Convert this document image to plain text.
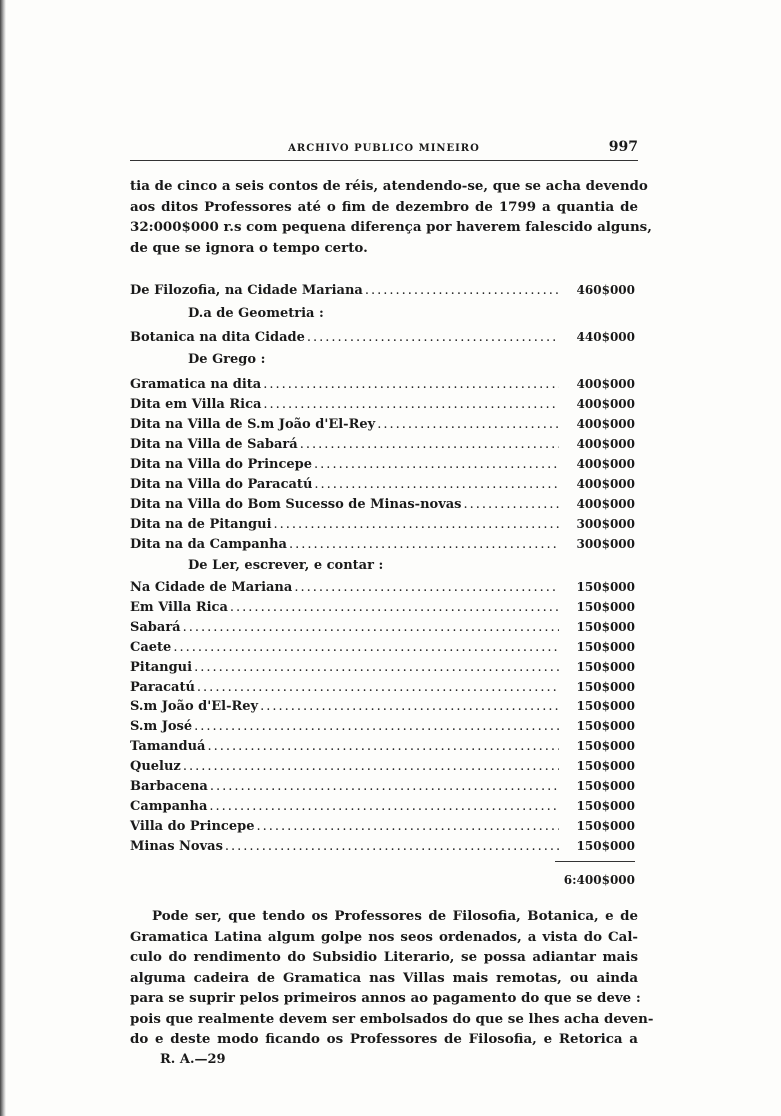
ARCHIVO PUBLICO MINEIRO	997
tia de cinco a seis contos de réis, atendendo-se, que se acha devendo
aos ditos Professores até o fim de dezembro de 1799 a quantia de
32:000$000 r.s com pequena diferença por haverem falescido alguns,
de que se ignora o tempo certo.
De Filozofia, na Cidade Mariana .....	460$000
D.a de Geometria :
Botanica na dita Cidade .....	440$000
De Grego :
Gramatica na dita .....	400$000
Dita em Villa Rica .....	400$000
Dita na Villa de S.m João d'El-Rey .....	400$000
Dita na Villa de Sabará .....	400$000
Dita na Villa do Princepe .....	400$000
Dita na Villa do Paracatú .....	400$000
Dita na Villa do Bom Sucesso de Minas-novas .....	400$000
Dita na de Pitangui .....	300$000
Dita na da Campanha .....	300$000
De Ler, escrever, e contar :
Na Cidade de Mariana .....	150$000
Em Villa Rica .....	150$000
Sabará .....	150$000
Caete .....	150$000
Pitangui .....	150$000
Paracatú .....	150$000
S.m João d'El-Rey .....	150$000
S.m José .....	150$000
Tamanduá .....	150$000
Queluz .....	150$000
Barbacena .....	150$000
Campanha .....	150$000
Villa do Princepe .....	150$000
Minas Novas .....	150$000
6:400$000
Pode ser, que tendo os Professores de Filosofia, Botanica, e de
Gramatica Latina algum golpe nos seos ordenados, a vista do Cal-
culo do rendimento do Subsidio Literario, se possa adiantar mais
alguma cadeira de Gramatica nas Villas mais remotas, ou ainda
para se suprir pelos primeiros annos ao pagamento do que se deve :
pois que realmente devem ser embolsados do que se lhes acha deven-
do e deste modo ficando os Professores de Filosofia, e Retorica a
R. A.—29
